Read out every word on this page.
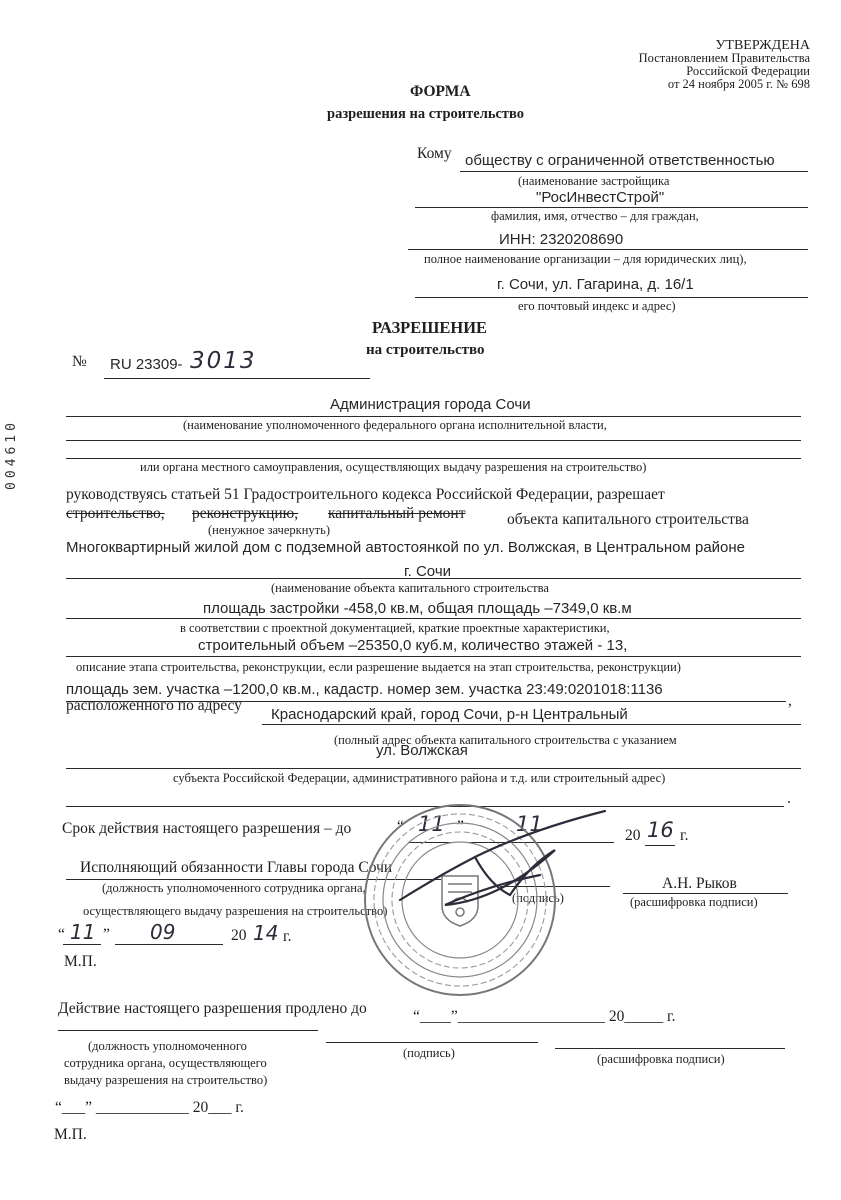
УТВЕРЖДЕНА
Постановлением Правительства
Российской Федерации
от 24 ноября 2005 г. № 698
ФОРМА
разрешения на строительство
Кому обществу с ограниченной ответственностью
(наименование застройщика
"РосИнвестСтрой"
фамилия, имя, отчество – для граждан,
ИНН: 2320208690
полное наименование организации – для юридических лиц),
г. Сочи, ул. Гагарина, д. 16/1
его почтовый индекс и адрес)
РАЗРЕШЕНИЕ
на строительство
№ RU 23309- 3013
004610
Администрация города Сочи
(наименование уполномоченного федерального органа исполнительной власти,
или органа местного самоуправления, осуществляющих выдачу разрешения на строительство)
руководствуясь статьей 51 Градостроительного кодекса Российской Федерации, разрешает
строительство, реконструкцию, капитальный ремонт	объекта капитального строительства
(ненужное зачеркнуть)
Многоквартирный жилой дом с подземной автостоянкой по ул. Волжская, в Центральном районе
г. Сочи
(наименование объекта капитального строительства
площадь застройки -458,0 кв.м, общая площадь –7349,0 кв.м
в соответствии с проектной документацией, краткие проектные характеристики,
строительный объем –25350,0 куб.м, количество этажей - 13,
описание этапа строительства, реконструкции, если разрешение выдается на этап строительства, реконструкции)
площадь зем. участка –1200,0 кв.м., кадастр. номер зем. участка 23:49:0201018:1136
,
расположенного по адресу
Краснодарский край, город Сочи, р-н Центральный
(полный адрес объекта капитального строительства с указанием
ул. Волжская
субъекта Российской Федерации, административного района и т.д. или строительный адрес)
.
Срок действия настоящего разрешения – до	“ 11 ” 11	20 16 г.
Исполняющий обязанности Главы города Сочи
(должность уполномоченного сотрудника органа,
осуществляющего выдачу разрешения на строительство)
(подпись)
А.Н. Рыков
(расшифровка подписи)
“ 11 ” 09	20 14 г.
М.П.
Действие настоящего разрешения продлено до	“____”___________________ 20_____ г.
(должность уполномоченного
сотрудника органа, осуществляющего
выдачу разрешения на строительство)
(подпись)	(расшифровка подписи)
“___” ____________ 20___ г.
М.П.
